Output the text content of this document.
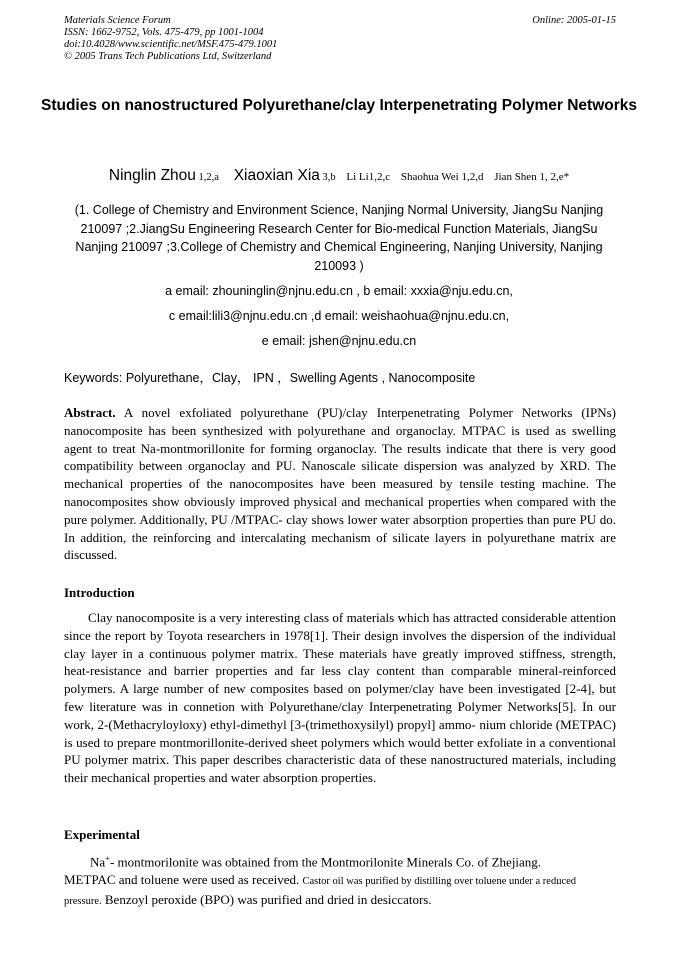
Materials Science Forum
ISSN: 1662-9752, Vols. 475-479, pp 1001-1004
doi:10.4028/www.scientific.net/MSF.475-479.1001
© 2005 Trans Tech Publications Ltd, Switzerland
Online: 2005-01-15
Studies on nanostructured Polyurethane/clay Interpenetrating Polymer Networks
Ninglin Zhou 1,2,a Xiaoxian Xia 3,b Li Li1,2,c Shaohua Wei 1,2,d Jian Shen 1, 2,e*
(1. College of Chemistry and Environment Science, Nanjing Normal University, JiangSu Nanjing 210097 ;2.JiangSu Engineering Research Center for Bio-medical Function Materials, JiangSu Nanjing 210097 ;3.College of Chemistry and Chemical Engineering, Nanjing University, Nanjing 210093 )
a email: zhouninglin@njnu.edu.cn , b email: xxxia@nju.edu.cn,
c email:lili3@njnu.edu.cn ,d email: weishaohua@njnu.edu.cn,
e email: jshen@njnu.edu.cn
Keywords: Polyurethane，Clay， IPN ，Swelling Agents , Nanocomposite
Abstract. A novel exfoliated polyurethane (PU)/clay Interpenetrating Polymer Networks (IPNs) nanocomposite has been synthesized with polyurethane and organoclay. MTPAC is used as swelling agent to treat Na-montmorillonite for forming organoclay. The results indicate that there is very good compatibility between organoclay and PU. Nanoscale silicate dispersion was analyzed by XRD. The mechanical properties of the nanocomposites have been measured by tensile testing machine. The nanocomposites show obviously improved physical and mechanical properties when compared with the pure polymer. Additionally, PU /MTPAC- clay shows lower water absorption properties than pure PU do. In addition, the reinforcing and intercalating mechanism of silicate layers in polyurethane matrix are discussed.
Introduction
Clay nanocomposite is a very interesting class of materials which has attracted considerable attention since the report by Toyota researchers in 1978[1]. Their design involves the dispersion of the individual clay layer in a continuous polymer matrix. These materials have greatly improved stiffness, strength, heat-resistance and barrier properties and far less clay content than comparable mineral-reinforced polymers. A large number of new composites based on polymer/clay have been investigated [2-4], but few literature was in connetion with Polyurethane/clay Interpenetrating Polymer Networks[5]. In our work, 2-(Methacryloyloxy) ethyl-dimethyl [3-(trimethoxysilyl) propyl] ammo- nium chloride (METPAC) is used to prepare montmorillonite-derived sheet polymers which would better exfoliate in a conventional PU polymer matrix. This paper describes characteristic data of these nanostructured materials, including their mechanical properties and water absorption properties.
Experimental
Na+- montmorilonite was obtained from the Montmorilonite Minerals Co. of Zhejiang.
METPAC and toluene were used as received. Castor oil was purified by distilling over toluene under a reduced pressure. Benzoyl peroxide (BPO) was purified and dried in desiccators.
